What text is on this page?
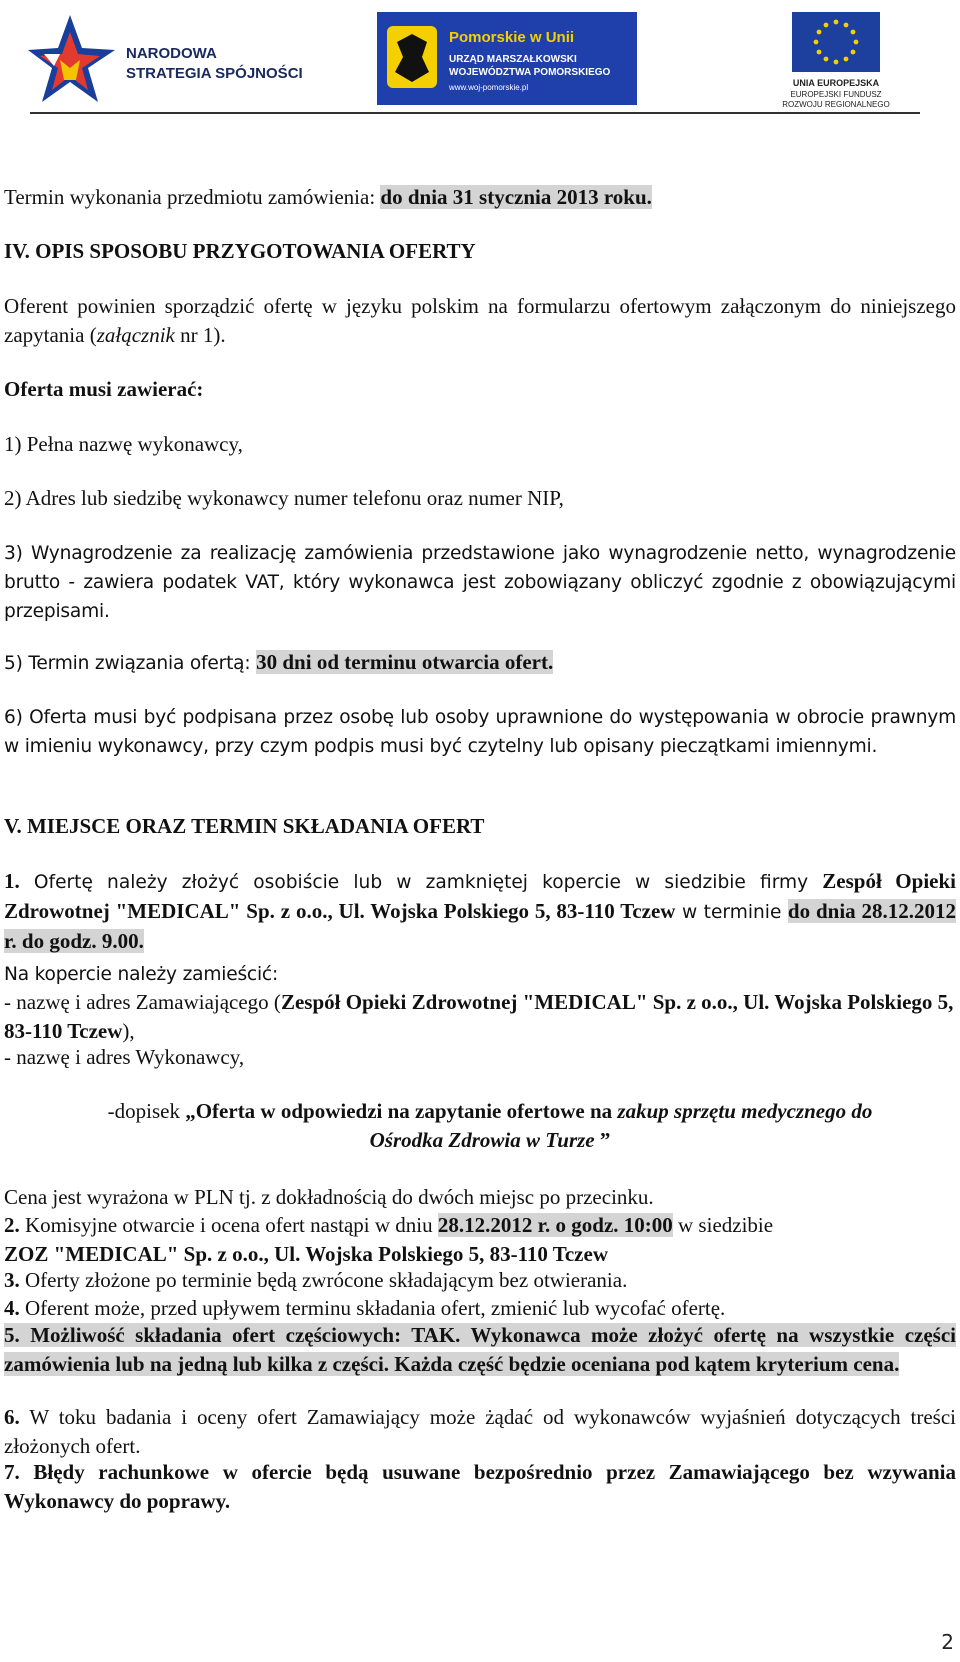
NARODOWA
STRATEGIA SPÓJNOŚCI
Pomorskie w Unii
URZĄD MARSZAŁKOWSKI
WOJEWÓDZTWA POMORSKIEGO
www.woj-pomorskie.pl	UNIA EUROPEJSKA
EUROPEJSKI FUNDUSZ
ROZWOJU REGIONALNEGO
Termin wykonania przedmiotu zamówienia: do dnia 31 stycznia 2013 roku.
IV. OPIS SPOSOBU PRZYGOTOWANIA OFERTY
Oferent powinien sporządzić ofertę w języku polskim na formularzu ofertowym załączonym do niniejszego zapytania (załącznik nr 1).
Oferta musi zawierać:
1) Pełna nazwę wykonawcy,
2) Adres lub siedzibę wykonawcy numer telefonu oraz numer NIP,
3) Wynagrodzenie za realizację zamówienia przedstawione jako wynagrodzenie netto, wynagrodzenie brutto - zawiera podatek VAT, który wykonawca jest zobowiązany obliczyć zgodnie z obowiązującymi przepisami.
5) Termin związania ofertą: 30 dni od terminu otwarcia ofert.
6) Oferta musi być podpisana przez osobę lub osoby uprawnione do występowania w obrocie prawnym w imieniu wykonawcy, przy czym podpis musi być czytelny lub opisany pieczątkami imiennymi.
V. MIEJSCE ORAZ TERMIN SKŁADANIA OFERT
1. Ofertę należy złożyć osobiście lub w zamkniętej kopercie w siedzibie firmy Zespół Opieki Zdrowotnej "MEDICAL" Sp. z o.o., Ul. Wojska Polskiego 5, 83-110 Tczew w terminie do dnia 28.12.2012 r. do godz. 9.00.
Na kopercie należy zamieścić:
- nazwę i adres Zamawiającego (Zespół Opieki Zdrowotnej "MEDICAL" Sp. z o.o., Ul. Wojska Polskiego 5, 83-110 Tczew),
- nazwę i adres Wykonawcy,
-dopisek „Oferta w odpowiedzi na zapytanie ofertowe na zakup sprzętu medycznego do Ośrodka Zdrowia w Turze ”
Cena jest wyrażona w PLN tj. z dokładnością do dwóch miejsc po przecinku.
2. Komisyjne otwarcie i ocena ofert nastąpi w dniu 28.12.2012 r. o godz. 10:00 w siedzibie
ZOZ "MEDICAL" Sp. z o.o., Ul. Wojska Polskiego 5, 83-110 Tczew
3. Oferty złożone po terminie będą zwrócone składającym bez otwierania.
4. Oferent może, przed upływem terminu składania ofert, zmienić lub wycofać ofertę.
5. Możliwość składania ofert częściowych: TAK. Wykonawca może złożyć ofertę na wszystkie części zamówienia lub na jedną lub kilka z części. Każda część będzie oceniana pod kątem kryterium cena.
6. W toku badania i oceny ofert Zamawiający może żądać od wykonawców wyjaśnień dotyczących treści złożonych ofert.
7. Błędy rachunkowe w ofercie będą usuwane bezpośrednio przez Zamawiającego bez wzywania Wykonawcy do poprawy.
2
